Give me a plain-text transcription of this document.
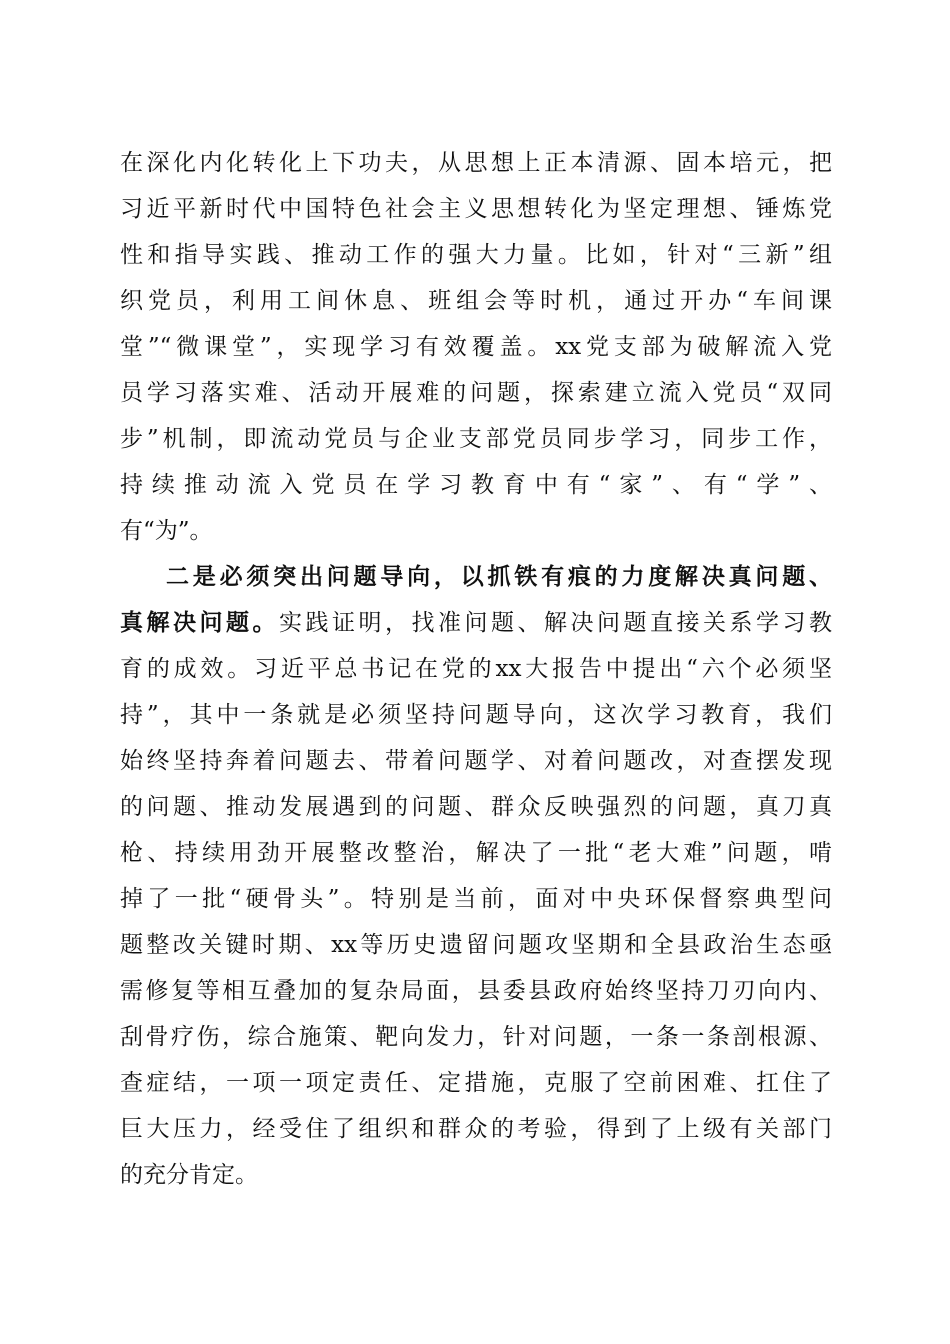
在深化内化转化上下功夫，从思想上正本清源、固本培元，把
习近平新时代中国特色社会主义思想转化为坚定理想、锤炼党
性和指导实践、推动工作的强大力量。比如，针对“三新”组
织党员，利用工间休息、班组会等时机，通过开办“车间课
堂”“微课堂”，实现学习有效覆盖。xx党支部为破解流入党
员学习落实难、活动开展难的问题，探索建立流入党员“双同
步”机制，即流动党员与企业支部党员同步学习，同步工作，
持续推动流入党员在学习教育中有“家”、有“学”、
有“为”。
二是必须突出问题导向，以抓铁有痕的力度解决真问题、
真解决问题。实践证明，找准问题、解决问题直接关系学习教
育的成效。习近平总书记在党的xx大报告中提出“六个必须坚
持”，其中一条就是必须坚持问题导向，这次学习教育，我们
始终坚持奔着问题去、带着问题学、对着问题改，对查摆发现
的问题、推动发展遇到的问题、群众反映强烈的问题，真刀真
枪、持续用劲开展整改整治，解决了一批“老大难”问题，啃
掉了一批“硬骨头”。特别是当前，面对中央环保督察典型问
题整改关键时期、xx等历史遗留问题攻坚期和全县政治生态亟
需修复等相互叠加的复杂局面，县委县政府始终坚持刀刃向内、
刮骨疗伤，综合施策、靶向发力，针对问题，一条一条剖根源、
查症结，一项一项定责任、定措施，克服了空前困难、扛住了
巨大压力，经受住了组织和群众的考验，得到了上级有关部门
的充分肯定。
